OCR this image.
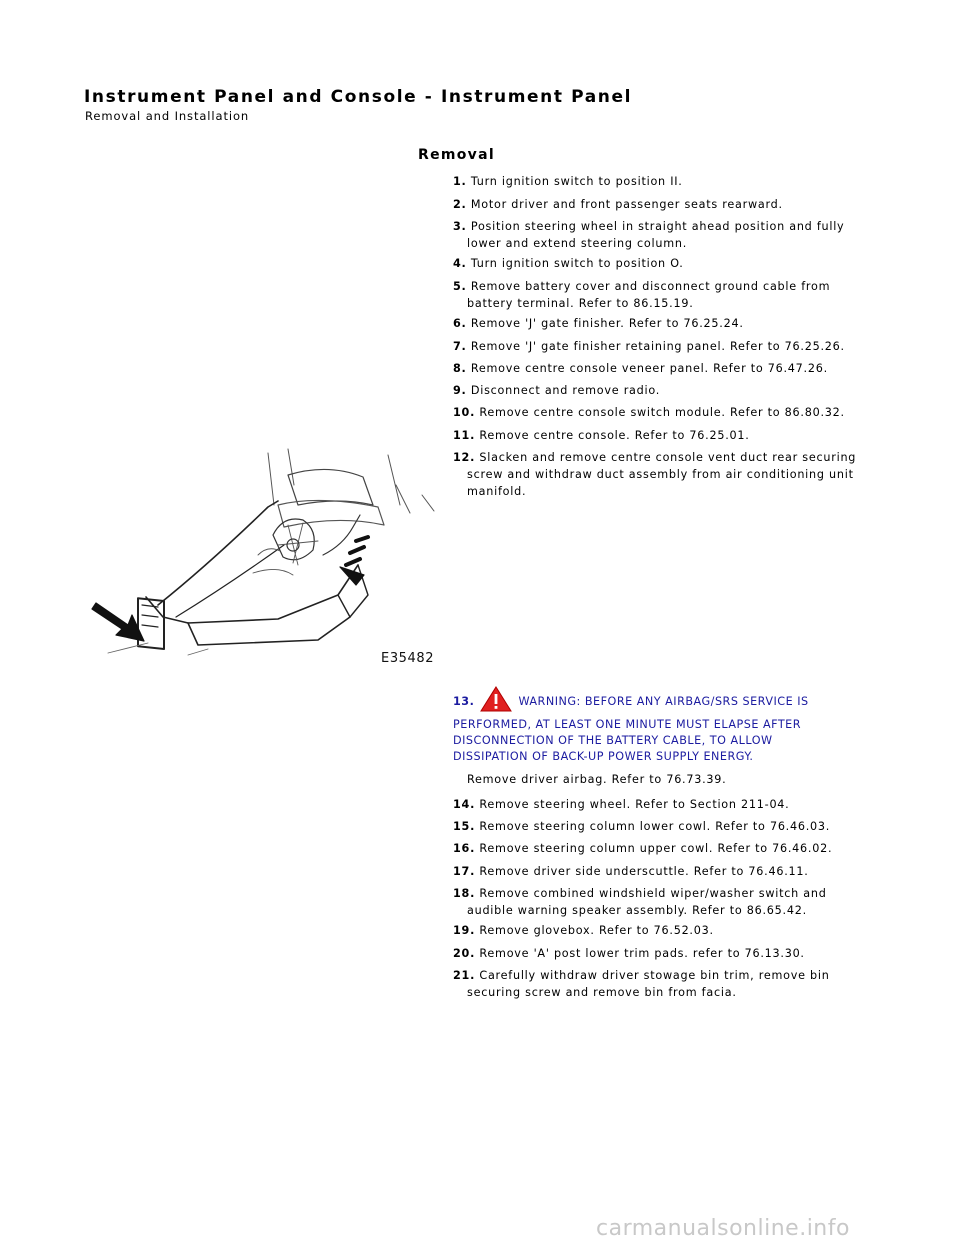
Instrument Panel and Console - Instrument Panel
Removal and Installation
Removal
1. Turn ignition switch to position II.
2. Motor driver and front passenger seats rearward.
3. Position steering wheel in straight ahead position and fully
lower and extend steering column.
4. Turn ignition switch to position O.
5. Remove battery cover and disconnect ground cable from
battery terminal. Refer to 86.15.19.
6. Remove 'J' gate finisher. Refer to 76.25.24.
7. Remove 'J' gate finisher retaining panel. Refer to 76.25.26.
8. Remove centre console veneer panel. Refer to 76.47.26.
9. Disconnect and remove radio.
10. Remove centre console switch module. Refer to 86.80.32.
11. Remove centre console. Refer to 76.25.01.
12. Slacken and remove centre console vent duct rear securing
screw and withdraw duct assembly from air conditioning unit
manifold.
E35482
13.	WARNING: BEFORE ANY AIRBAG/SRS SERVICE IS
PERFORMED, AT LEAST ONE MINUTE MUST ELAPSE AFTER
DISCONNECTION OF THE BATTERY CABLE, TO ALLOW
DISSIPATION OF BACK-UP POWER SUPPLY ENERGY.
Remove driver airbag. Refer to 76.73.39.
14. Remove steering wheel. Refer to Section 211-04.
15. Remove steering column lower cowl. Refer to 76.46.03.
16. Remove steering column upper cowl. Refer to 76.46.02.
17. Remove driver side underscuttle. Refer to 76.46.11.
18. Remove combined windshield wiper/washer switch and
audible warning speaker assembly. Refer to 86.65.42.
19. Remove glovebox. Refer to 76.52.03.
20. Remove 'A' post lower trim pads. refer to 76.13.30.
21. Carefully withdraw driver stowage bin trim, remove bin
securing screw and remove bin from facia.
carmanualsonline.info
